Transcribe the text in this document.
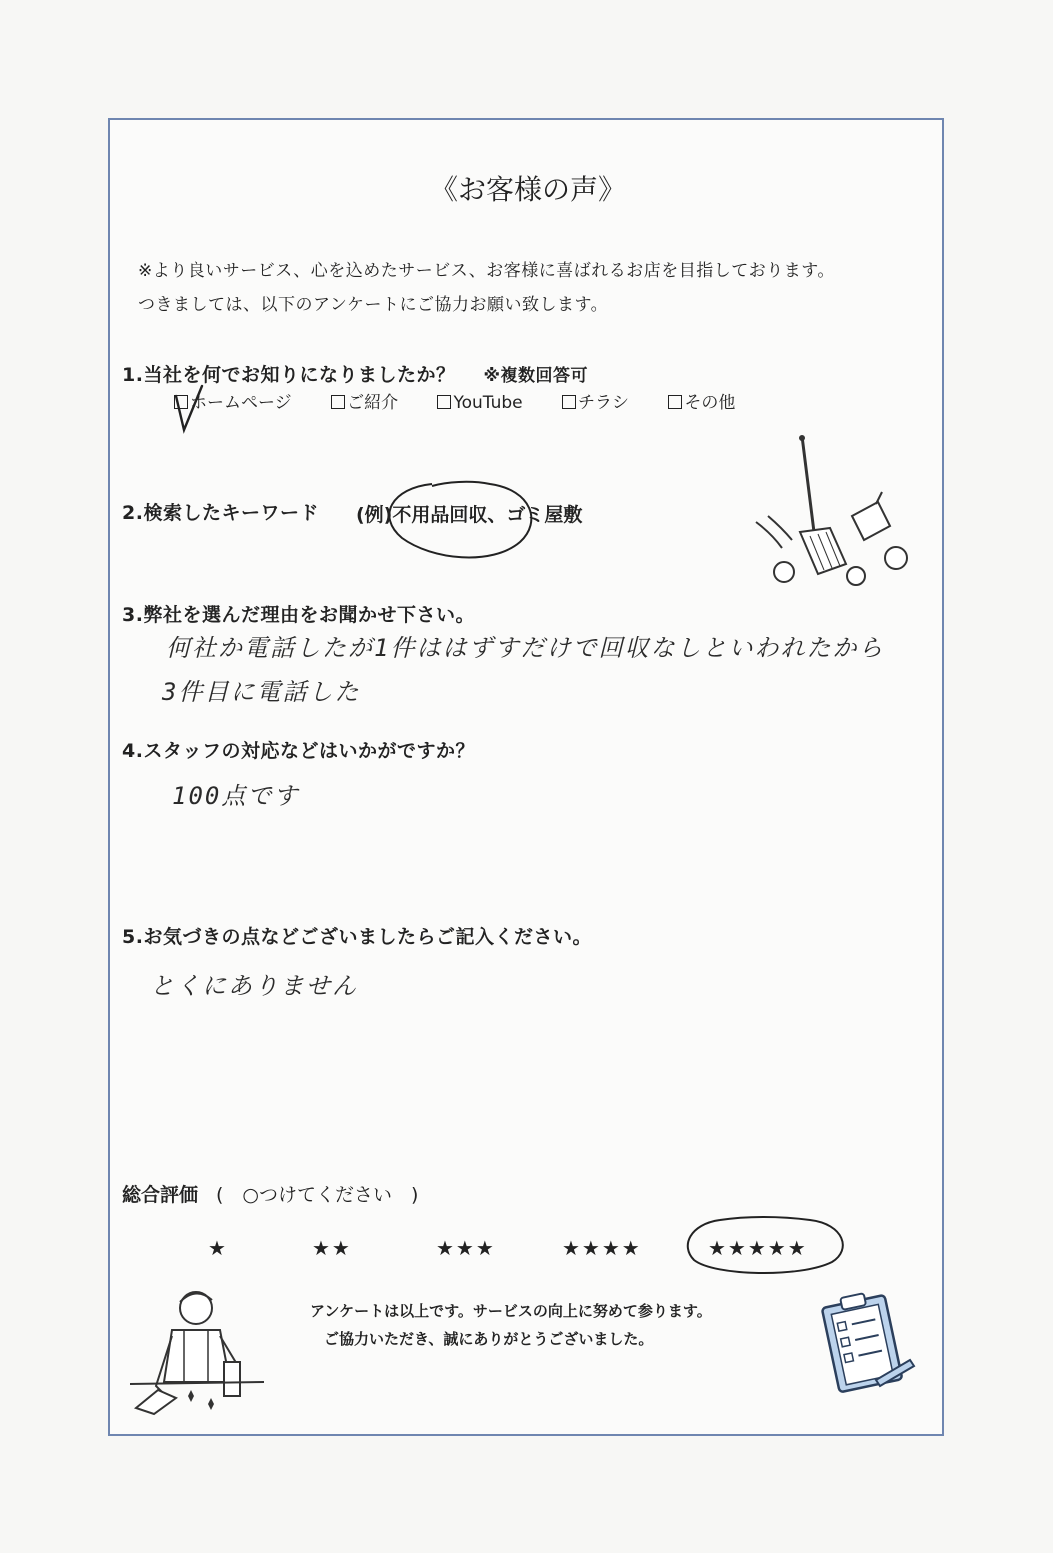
《お客様の声》
※より良いサービス、心を込めたサービス、お客様に喜ばれるお店を目指しております。
つきましては、以下のアンケートにご協力お願い致します。
1.当社を何でお知りになりましたか？ ※複数回答可
ホームページ	ご紹介	YouTube	チラシ	その他
2.検索したキーワード (例)不用品回収、ゴミ屋敷
3.弊社を選んだ理由をお聞かせ下さい。
何社か電話したが1件ははずすだけで回収なしといわれたから
3件目に電話した
4.スタッフの対応などはいかがですか？
100点です
5.お気づきの点などございましたらご記入ください。
とくにありません
総合評価 (　○つけてください　)
★	★★	★★★	★★★★	★★★★★
アンケートは以上です。サービスの向上に努めて参ります。
ご協力いただき、誠にありがとうございました。
